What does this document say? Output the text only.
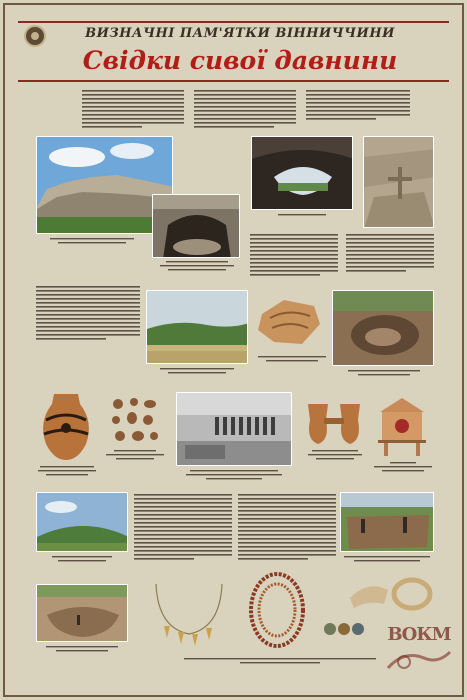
ВИЗНАЧНІ ПАМ'ЯТКИ ВІННИЧЧИНИ
Свідки сивої давнини
ВОКМ
